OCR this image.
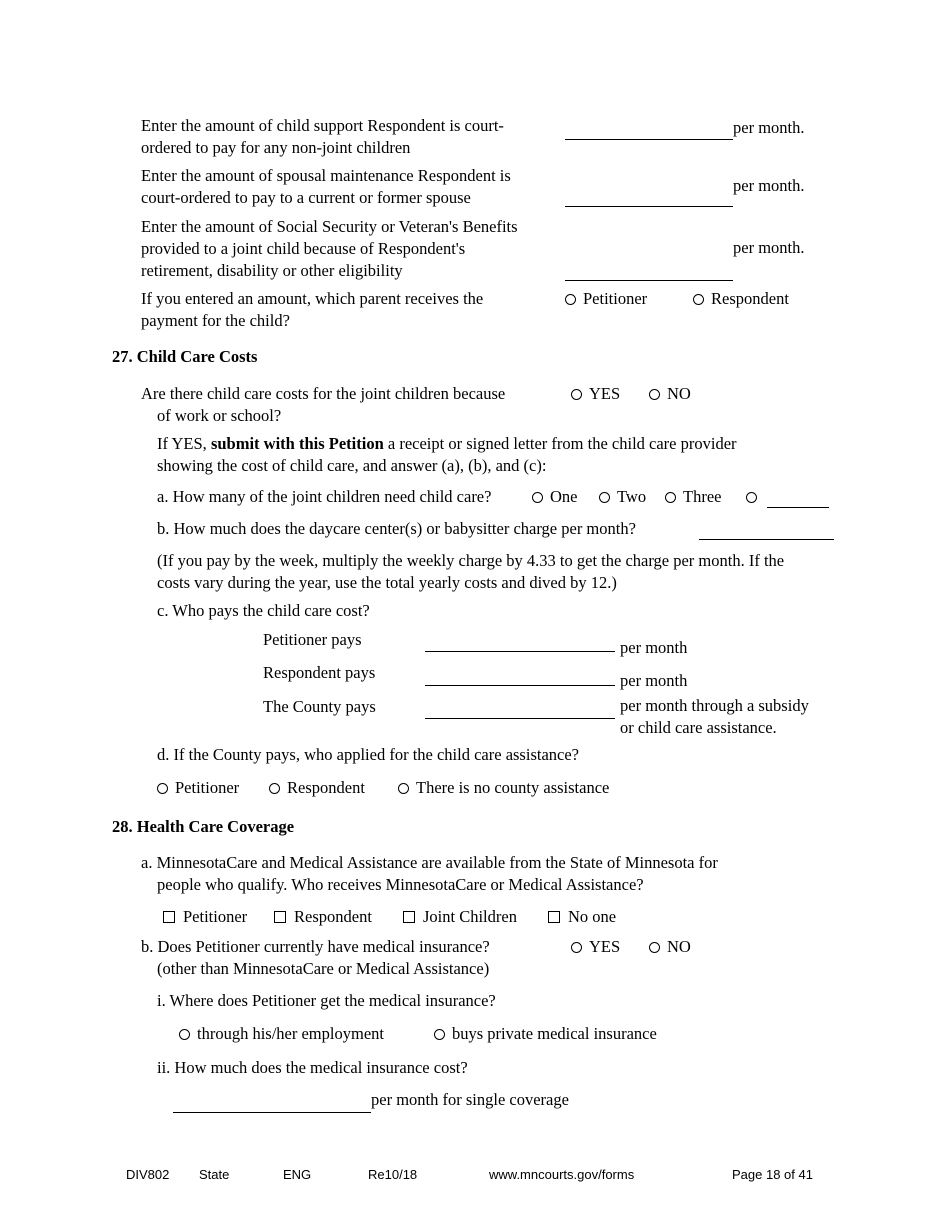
Enter the amount of child support Respondent is court-
ordered to pay for any non-joint children
per month.
Enter the amount of spousal maintenance Respondent is
court-ordered to pay to a current or former spouse
per month.
Enter the amount of Social Security or Veteran's Benefits
provided to a joint child because of Respondent's
retirement, disability or other eligibility
per month.
If you entered an amount, which parent receives the
payment for the child?
Petitioner	Respondent
27. Child Care Costs
Are there child care costs for the joint children because
of work or school?
YES	NO
If YES, submit with this Petition a receipt or signed letter from the child care provider
showing the cost of child care, and answer (a), (b), and (c):
a. How many of the joint children need child care?	One	Two	Three
b. How much does the daycare center(s) or babysitter charge per month?
(If you pay by the week, multiply the weekly charge by 4.33 to get the charge per month. If the
costs vary during the year, use the total yearly costs and dived by 12.)
c. Who pays the child care cost?
Petitioner pays	per month
Respondent pays	per month
The County pays	per month through a subsidy
or child care assistance.
d. If the County pays, who applied for the child care assistance?
Petitioner	Respondent	There is no county assistance
28. Health Care Coverage
a. MinnesotaCare and Medical Assistance are available from the State of Minnesota for
people who qualify. Who receives MinnesotaCare or Medical Assistance?
Petitioner	Respondent	Joint Children	No one
b. Does Petitioner currently have medical insurance?
(other than MinnesotaCare or Medical Assistance)
YES	NO
i. Where does Petitioner get the medical insurance?
through his/her employment	buys private medical insurance
ii. How much does the medical insurance cost?
per month for single coverage
DIV802 State	ENG	Re10/18	www.mncourts.gov/forms	Page 18 of 41
